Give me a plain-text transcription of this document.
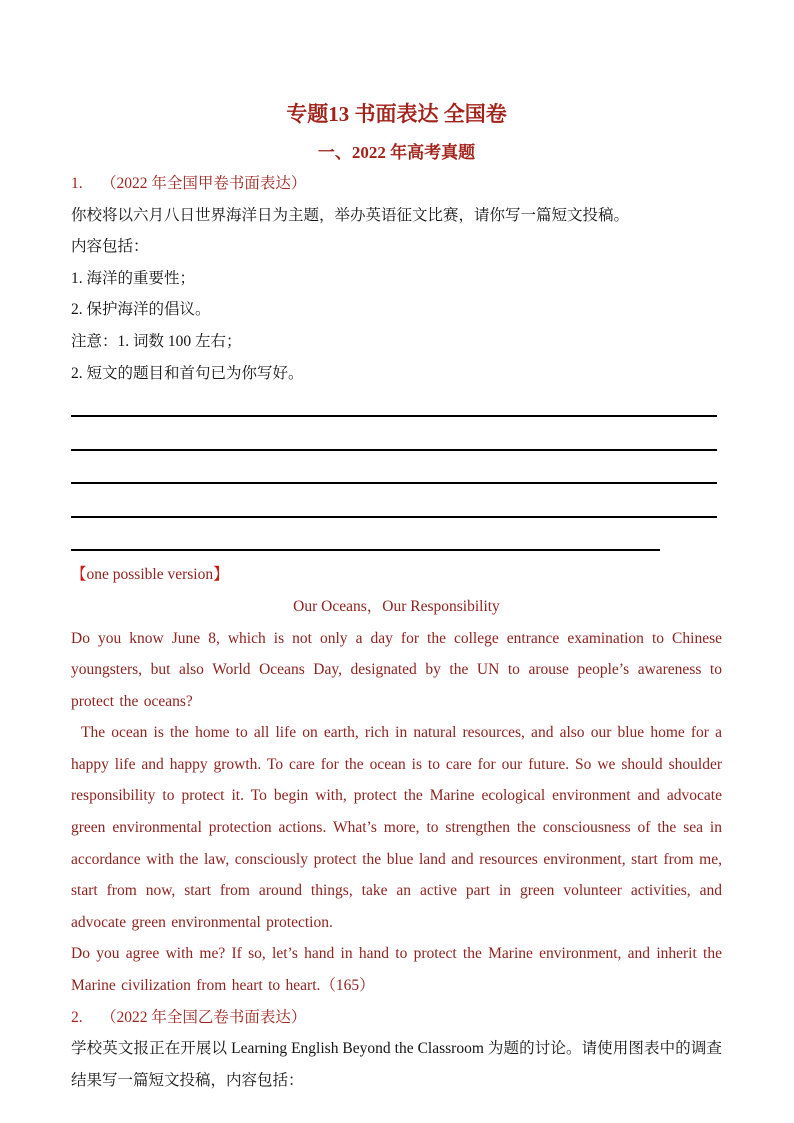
专题13 书面表达 全国卷
一、2022 年高考真题

1. （2022 年全国甲卷书面表达）

你校将以六月八日世界海洋日为主题，举办英语征文比赛，请你写一篇短文投稿。

内容包括：

1. 海洋的重要性；

2. 保护海洋的倡议。

注意：1. 词数 100 左右；

2. 短文的题目和首句已为你写好。

【one possible version】

Our Oceans，Our Responsibility

Do you know June 8, which is not only a day for the college entrance examination to Chinese youngsters, but also World Oceans Day, designated by the UN to arouse people’s awareness to protect the oceans?

The ocean is the home to all life on earth, rich in natural resources, and also our blue home for a happy life and happy growth. To care for the ocean is to care for our future. So we should shoulder responsibility to protect it. To begin with, protect the Marine ecological environment and advocate green environmental protection actions. What’s more, to strengthen the consciousness of the sea in accordance with the law, consciously protect the blue land and resources environment, start from me, start from now, start from around things, take an active part in green volunteer activities, and advocate green environmental protection.

Do you agree with me? If so, let’s hand in hand to protect the Marine environment, and inherit the Marine civilization from heart to heart.（165）

2. （2022 年全国乙卷书面表达）

学校英文报正在开展以 Learning English Beyond the Classroom 为题的讨论。请使用图表中的调查结果写一篇短文投稿，内容包括：
